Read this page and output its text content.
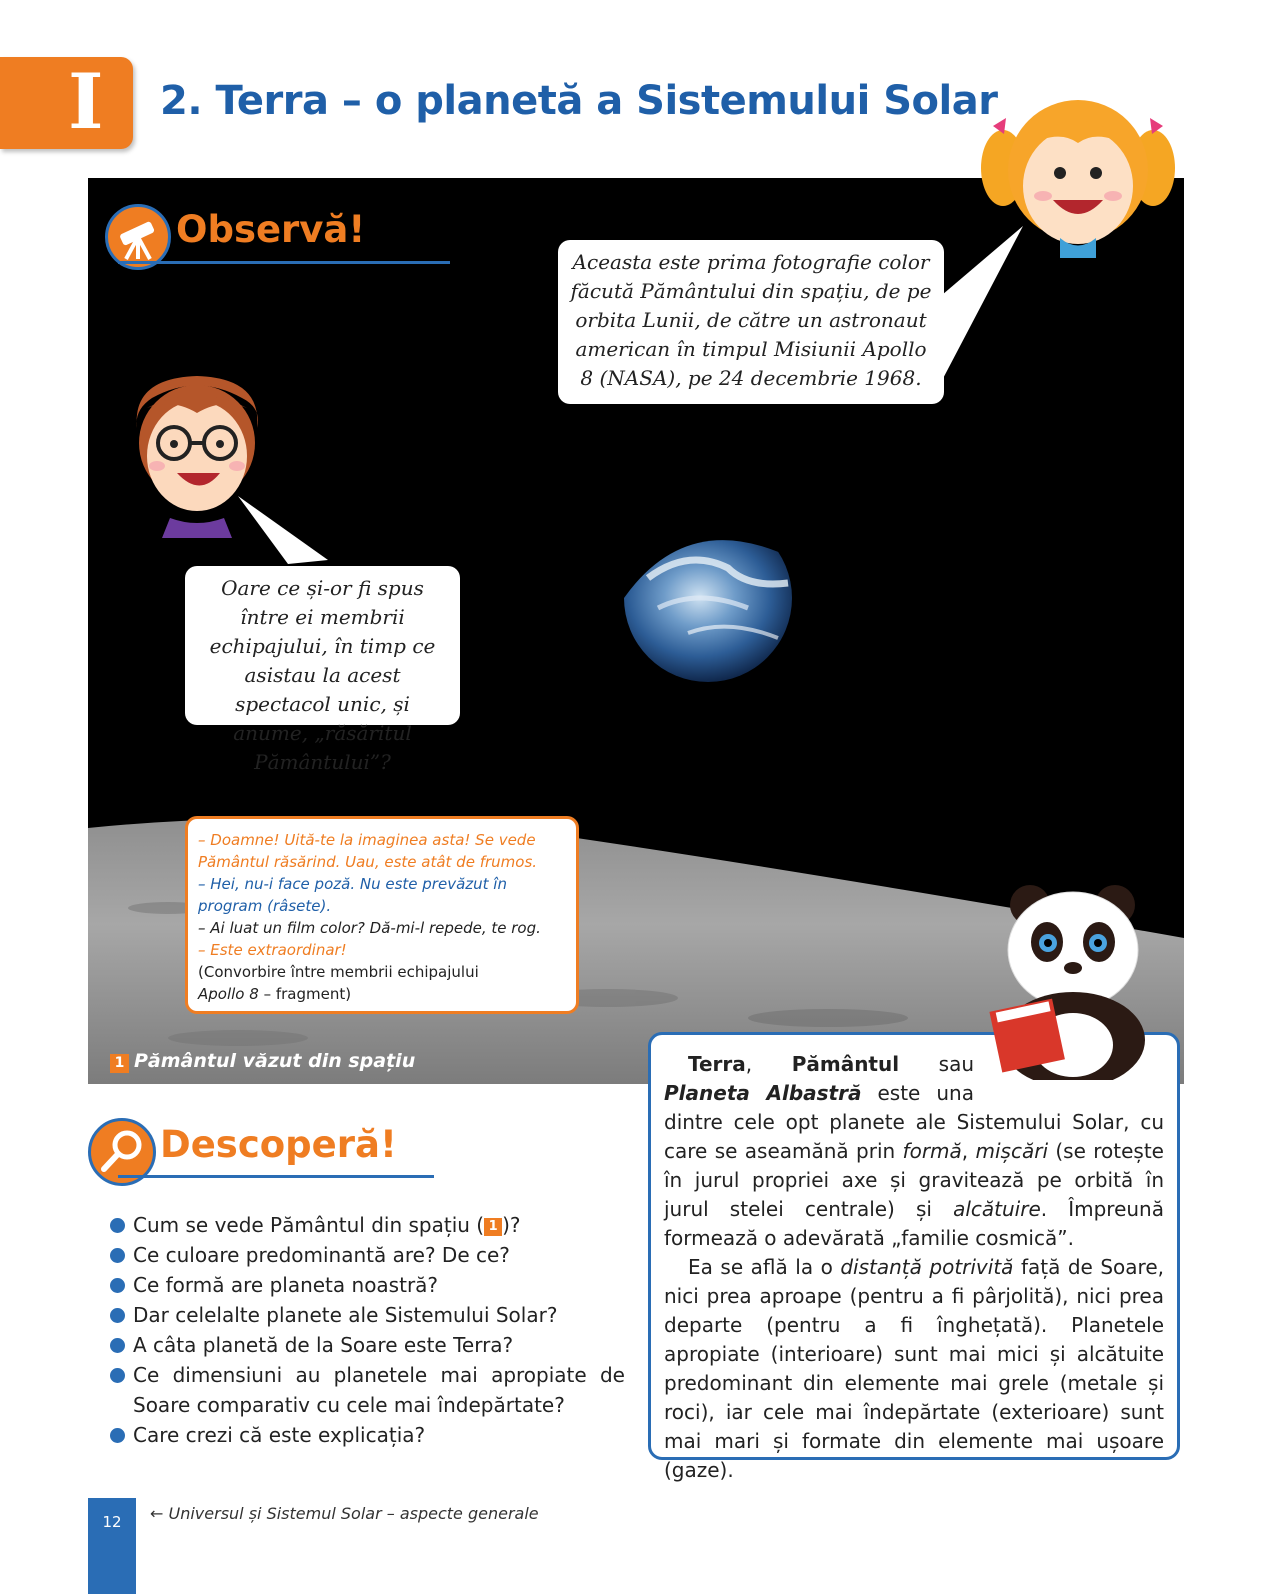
I 2. Terra – o planetă a Sistemului Solar
Observă!
Aceasta este prima fotografie color făcută Pământului din spațiu, de pe orbita Lunii, de către un astronaut american în timpul Misiunii Apollo 8 (NASA), pe 24 decembrie 1968.
Oare ce și-or fi spus între ei membrii echipajului, în timp ce asistau la acest spectacol unic, și anume, „răsăritul Pământului”?
– Doamne! Uită-te la imaginea asta! Se vede Pământul răsărind. Uau, este atât de frumos.
– Hei, nu-i face poză. Nu este prevăzut în program (râsete).
– Ai luat un film color? Dă-mi-l repede, te rog.
– Este extraordinar!
(Convorbire între membrii echipajului
Apollo 8 – fragment)
1 Pământul văzut din spațiu
Descoperă!
Cum se vede Pământul din spațiu ( 1 )?
Ce culoare predominantă are? De ce?
Ce formă are planeta noastră?
Dar celelalte planete ale Sistemului Solar?
A câta planetă de la Soare este Terra?
Ce dimensiuni au planetele mai apropiate de Soare comparativ cu cele mai îndepărtate?
Care crezi că este explicația?

Terra, Pământul sau Planeta Albastră este una dintre cele opt planete ale Sistemului Solar, cu care se aseamănă prin formă, mișcări (se rotește în jurul propriei axe și gravitează pe orbită în jurul stelei centrale) și alcătuire. Împreună formează o adevărată „familie cosmică”.

Ea se află la o distanță potrivită față de Soare, nici prea aproape (pentru a fi pârjolită), nici prea departe (pentru a fi înghețată). Planetele apropiate (interioare) sunt mai mici și alcătuite predominant din elemente mai grele (metale și roci), iar cele mai îndepărtate (exterioare) sunt mai mari și formate din elemente mai ușoare (gaze).

12	← Universul și Sistemul Solar – aspecte generale
